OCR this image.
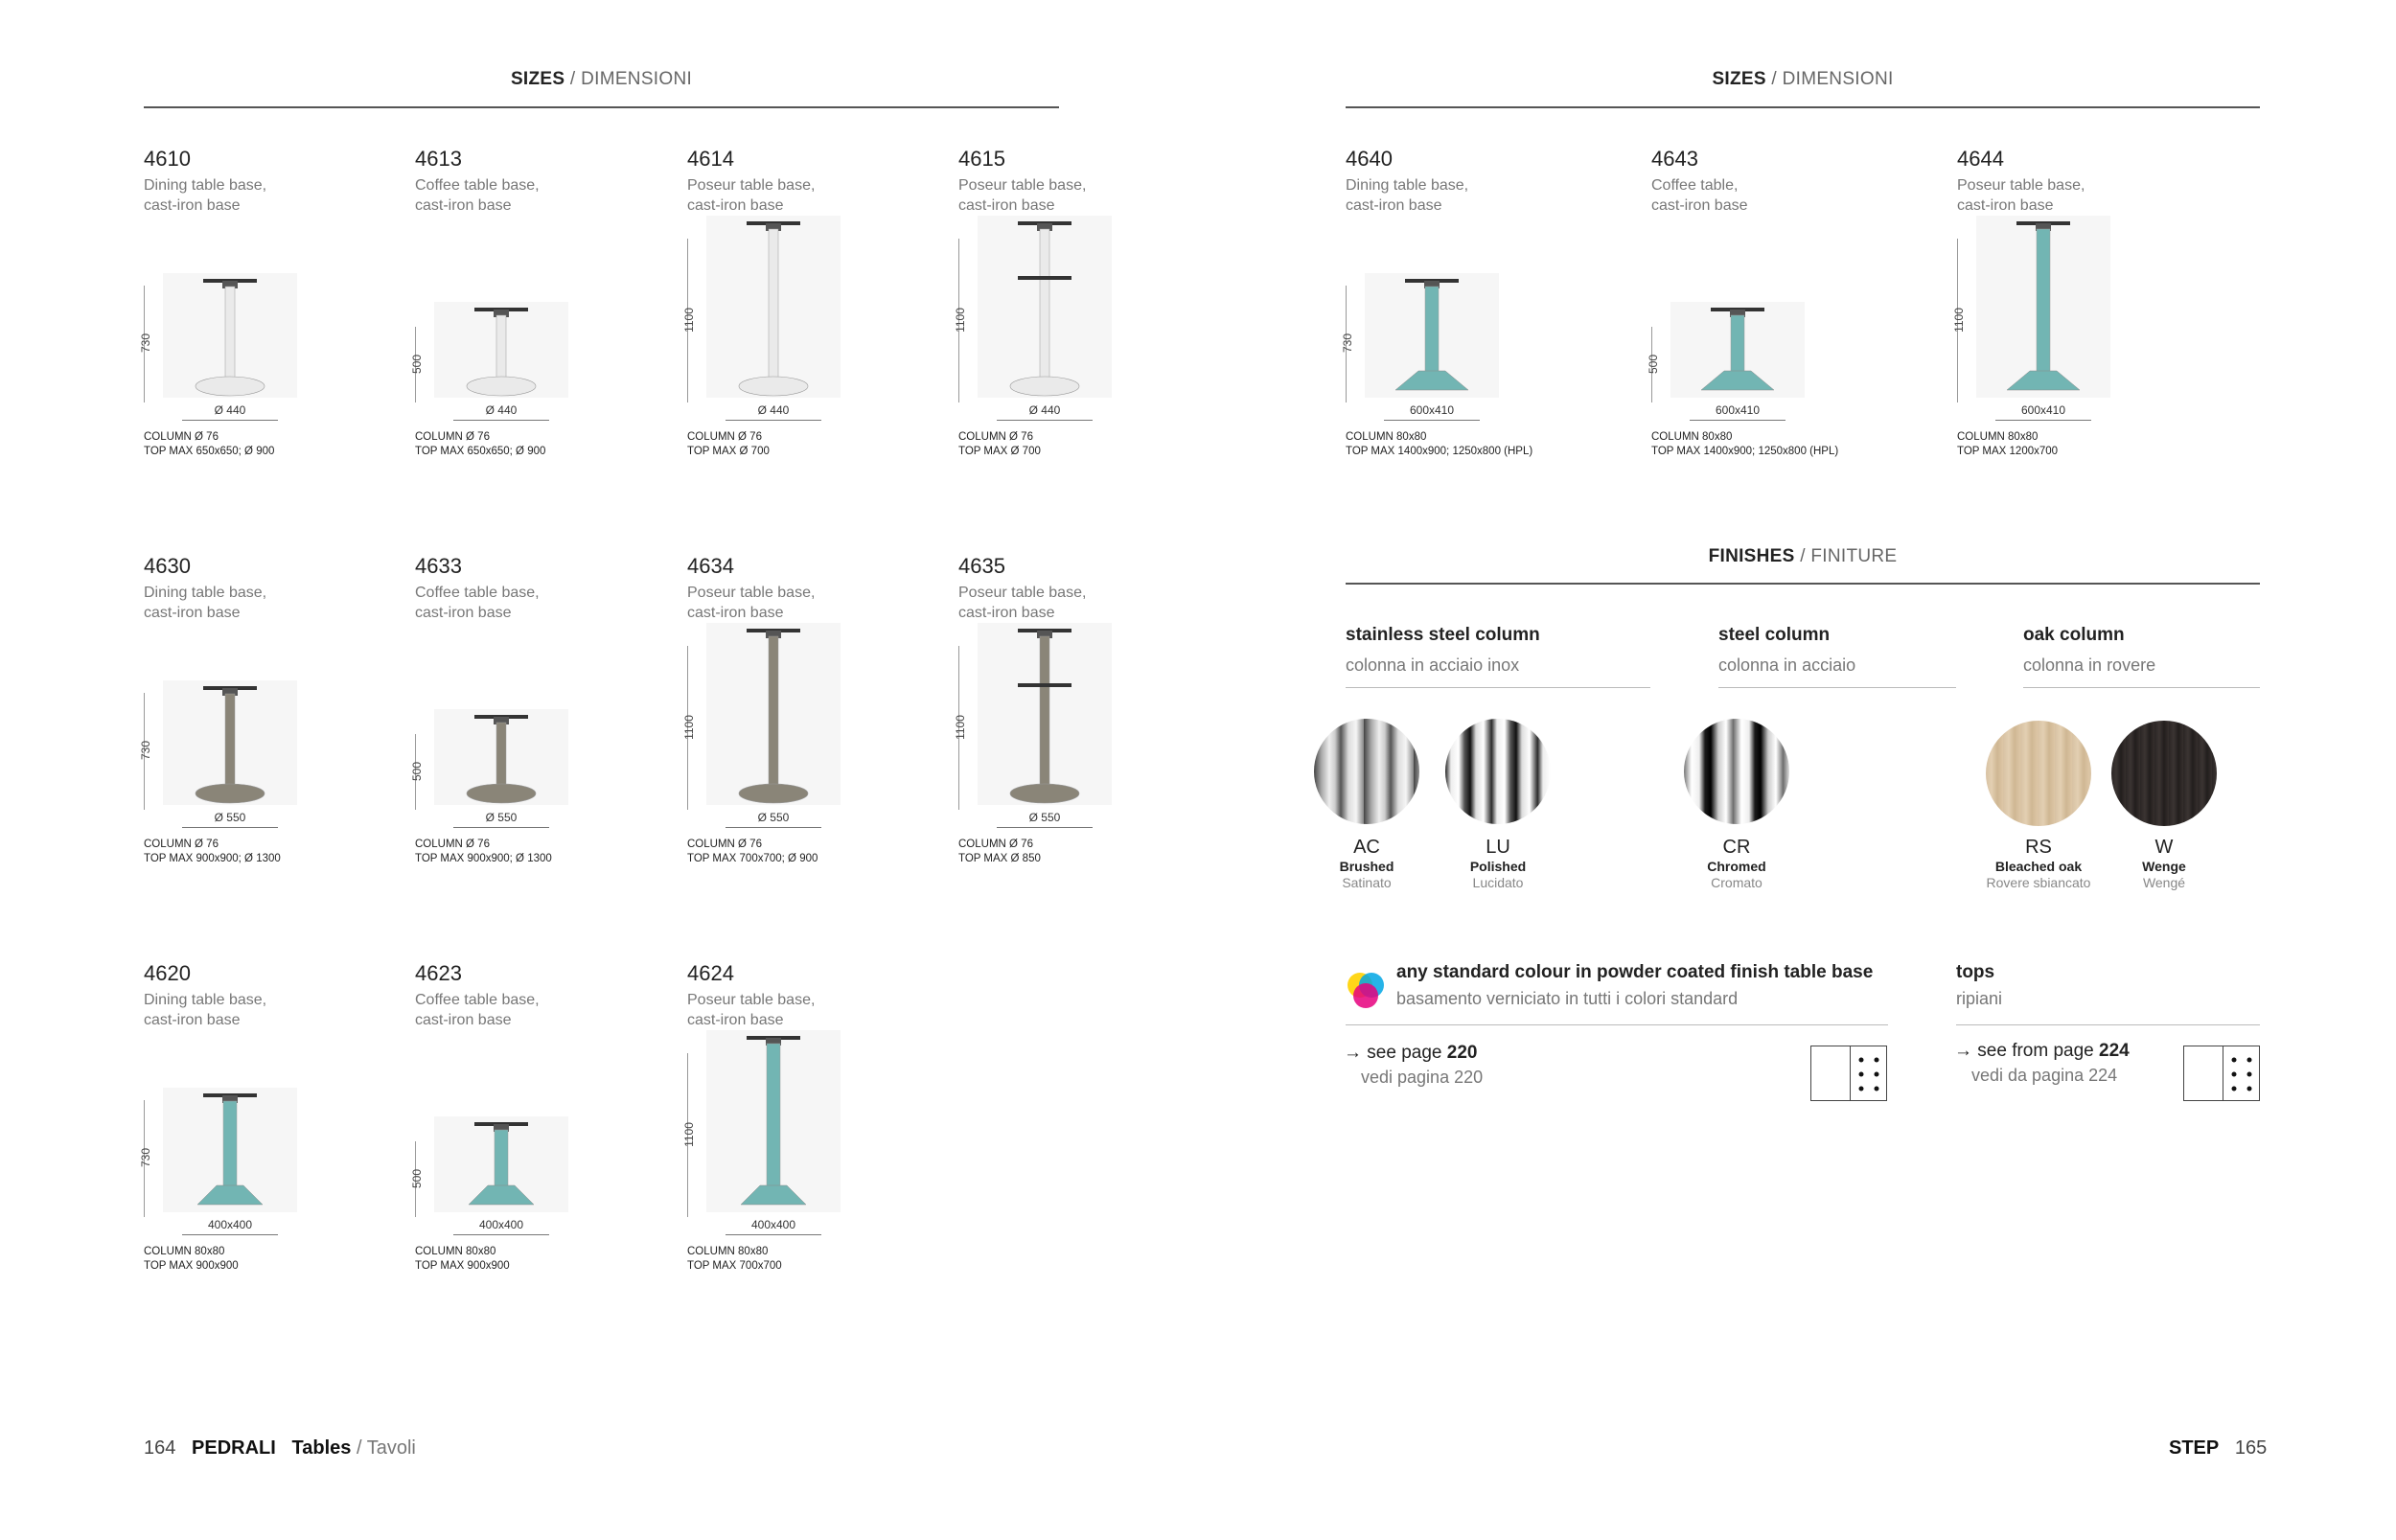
SIZES / DIMENSIONI	SIZES / DIMENSIONI
4610
Dining table base,
cast-iron base
730
Ø 440
COLUMN Ø 76
TOP MAX 650x650; Ø 900
4613
Coffee table base,
cast-iron base
500
Ø 440
COLUMN Ø 76
TOP MAX 650x650; Ø 900
4614
Poseur table base,
cast-iron base
1100
Ø 440
COLUMN Ø 76
TOP MAX Ø 700
4615
Poseur table base,
cast-iron base
1100
Ø 440
COLUMN Ø 76
TOP MAX Ø 700
4630
Dining table base,
cast-iron base
730
Ø 550
COLUMN Ø 76
TOP MAX 900x900; Ø 1300
4633
Coffee table base,
cast-iron base
500
Ø 550
COLUMN Ø 76
TOP MAX 900x900; Ø 1300
4634
Poseur table base,
cast-iron base
1100
Ø 550
COLUMN Ø 76
TOP MAX 700x700; Ø 900
4635
Poseur table base,
cast-iron base
1100
Ø 550
COLUMN Ø 76
TOP MAX Ø 850
4620
Dining table base,
cast-iron base
730
400x400
COLUMN 80x80
TOP MAX 900x900
4623
Coffee table base,
cast-iron base
500
400x400
COLUMN 80x80
TOP MAX 900x900
4624
Poseur table base,
cast-iron base
1100
400x400
COLUMN 80x80
TOP MAX 700x700
4640
Dining table base,
cast-iron base
730
600x410
COLUMN 80x80
TOP MAX 1400x900; 1250x800 (HPL)
4643
Coffee table,
cast-iron base
500
600x410
COLUMN 80x80
TOP MAX 1400x900; 1250x800 (HPL)
4644
Poseur table base,
cast-iron base
1100
600x410
COLUMN 80x80
TOP MAX 1200x700
FINISHES / FINITURE
stainless steel column
colonna in acciaio inox
steel column
colonna in acciaio
oak column
colonna in rovere
AC
Brushed
Satinato
LU
Polished
Lucidato
CR
Chromed
Cromato
RS
Bleached oak
Rovere sbiancato
W
Wenge
Wengé
any standard colour in powder coated finish table base
basamento verniciato in tutti i colori standard
→ see page 220
vedi pagina 220
tops
ripiani
→ see from page 224
vedi da pagina 224
164 PEDRALI Tables / Tavoli	STEP 165
